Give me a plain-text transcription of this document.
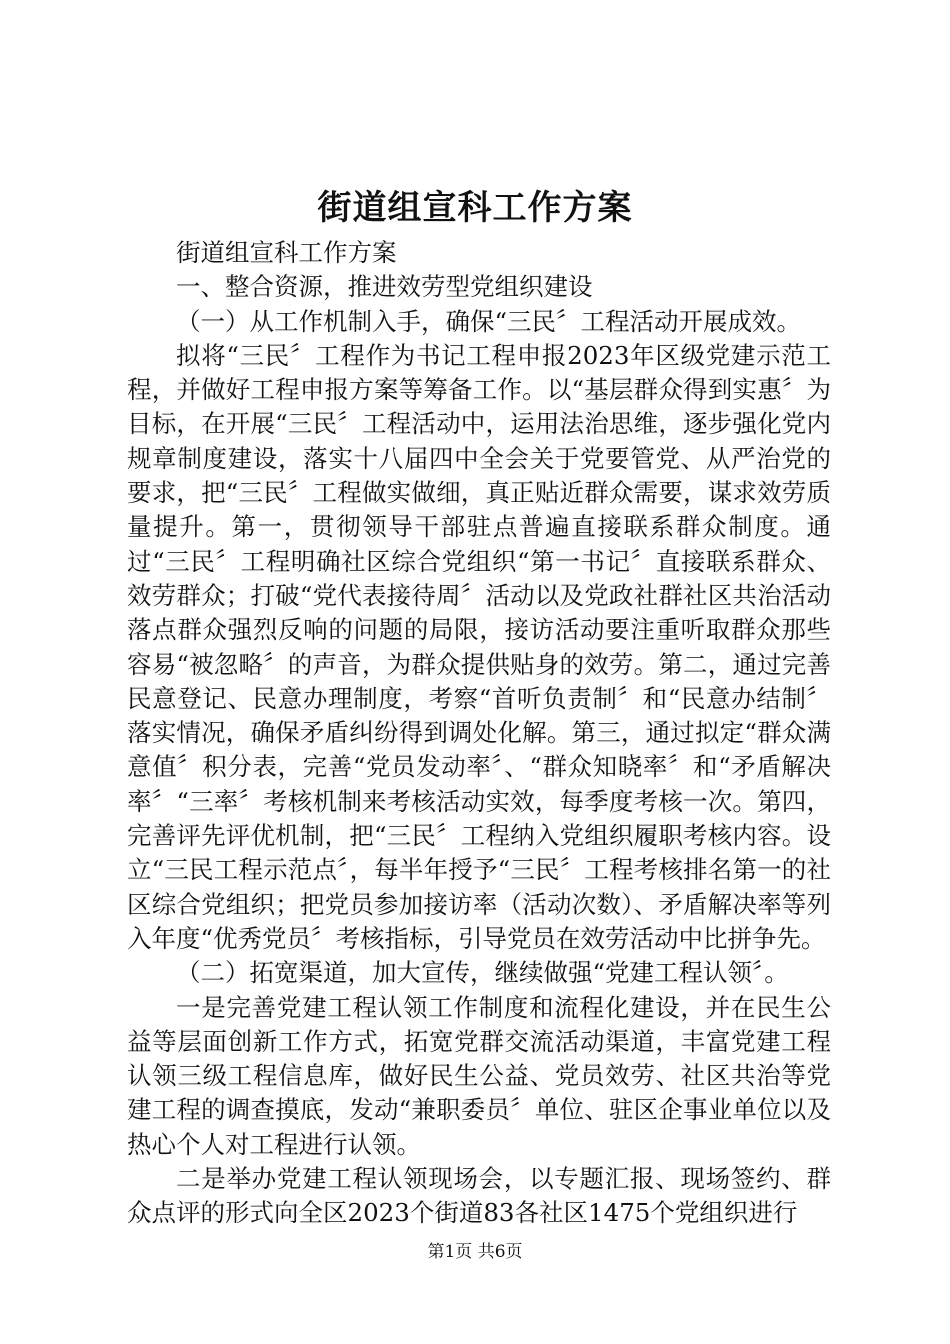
街道组宣科工作方案

街道组宣科工作方案

一、整合资源，推进效劳型党组织建设

（一）从工作机制入手，确保“三民〞工程活动开展成效。

拟将“三民〞工程作为书记工程申报2023年区级党建示范工程，并做好工程申报方案等筹备工作。以“基层群众得到实惠〞为目标，在开展“三民〞工程活动中，运用法治思维，逐步强化党内规章制度建设，落实十八届四中全会关于党要管党、从严治党的要求，把“三民〞工程做实做细，真正贴近群众需要，谋求效劳质量提升。第一，贯彻领导干部驻点普遍直接联系群众制度。通过“三民〞工程明确社区综合党组织“第一书记〞直接联系群众、效劳群众；打破“党代表接待周〞活动以及党政社群社区共治活动落点群众强烈反响的问题的局限，接访活动要注重听取群众那些容易“被忽略〞的声音，为群众提供贴身的效劳。第二，通过完善民意登记、民意办理制度，考察“首听负责制〞和“民意办结制〞落实情况，确保矛盾纠纷得到调处化解。第三，通过拟定“群众满意值〞积分表，完善“党员发动率〞、“群众知晓率〞和“矛盾解决率〞“三率〞考核机制来考核活动实效，每季度考核一次。第四，完善评先评优机制，把“三民〞工程纳入党组织履职考核内容。设立“三民工程示范点〞，每半年授予“三民〞工程考核排名第一的社区综合党组织；把党员参加接访率（活动次数）、矛盾解决率等列入年度“优秀党员〞考核指标，引导党员在效劳活动中比拼争先。

（二）拓宽渠道，加大宣传，继续做强“党建工程认领〞。

一是完善党建工程认领工作制度和流程化建设，并在民生公益等层面创新工作方式，拓宽党群交流活动渠道，丰富党建工程认领三级工程信息库，做好民生公益、党员效劳、社区共治等党建工程的调查摸底，发动“兼职委员〞单位、驻区企事业单位以及热心个人对工程进行认领。

二是举办党建工程认领现场会，以专题汇报、现场签约、群众点评的形式向全区2023个街道83各社区1475个党组织进行

第1页 共6页
